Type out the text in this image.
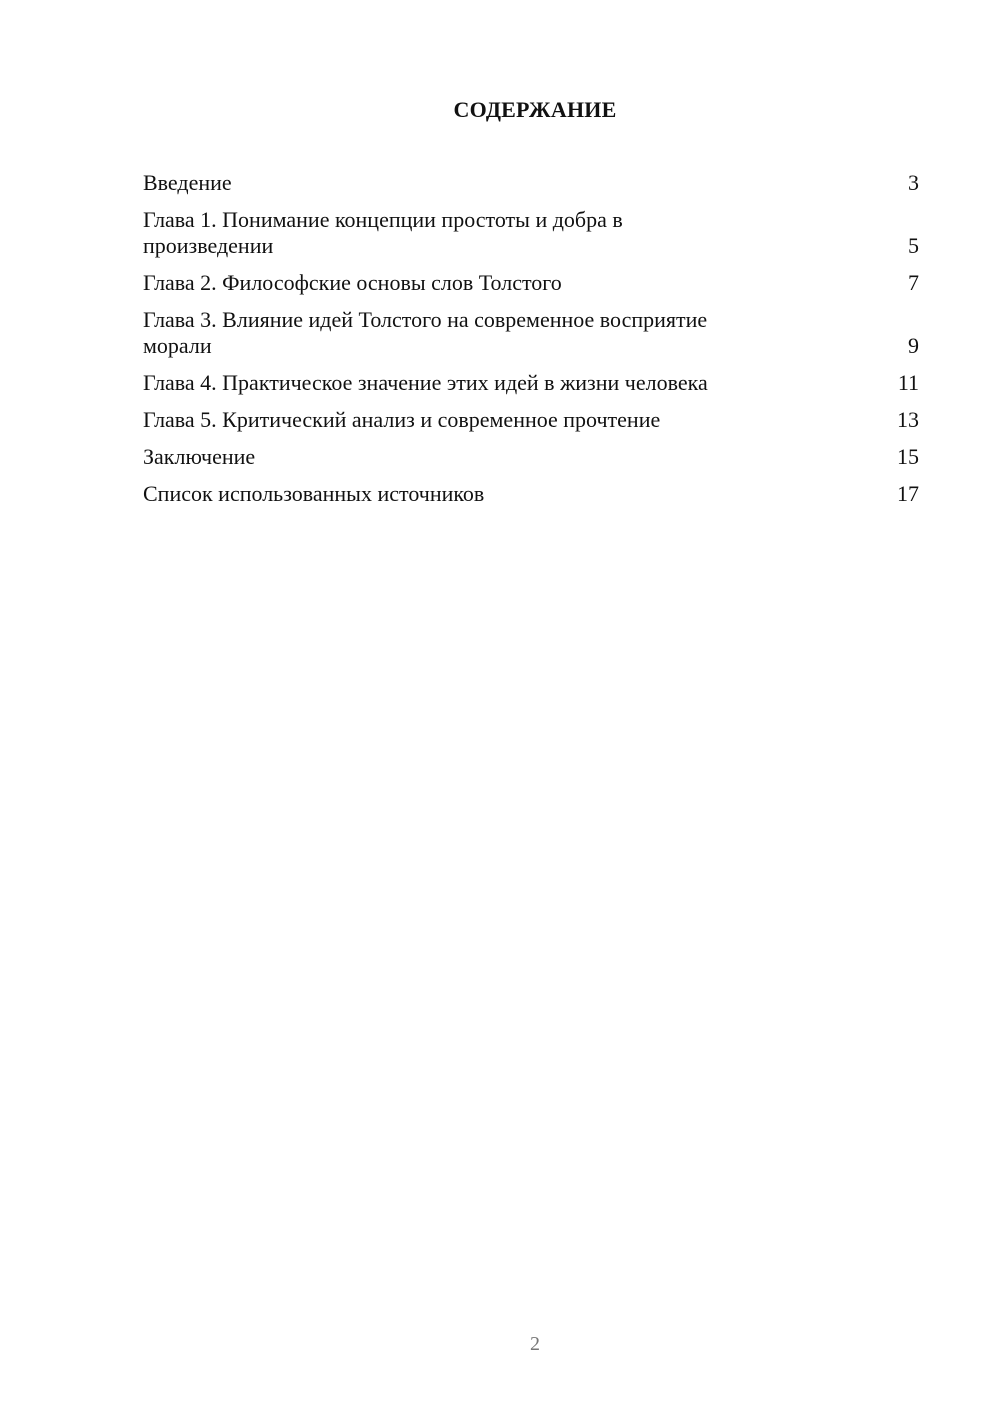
СОДЕРЖАНИЕ
Введение	3
Глава 1. Понимание концепции простоты и добра в
произведении	5
Глава 2. Философские основы слов Толстого	7
Глава 3. Влияние идей Толстого на современное восприятие
морали	9
Глава 4. Практическое значение этих идей в жизни человека	11
Глава 5. Критический анализ и современное прочтение	13
Заключение	15
Список использованных источников	17
2
